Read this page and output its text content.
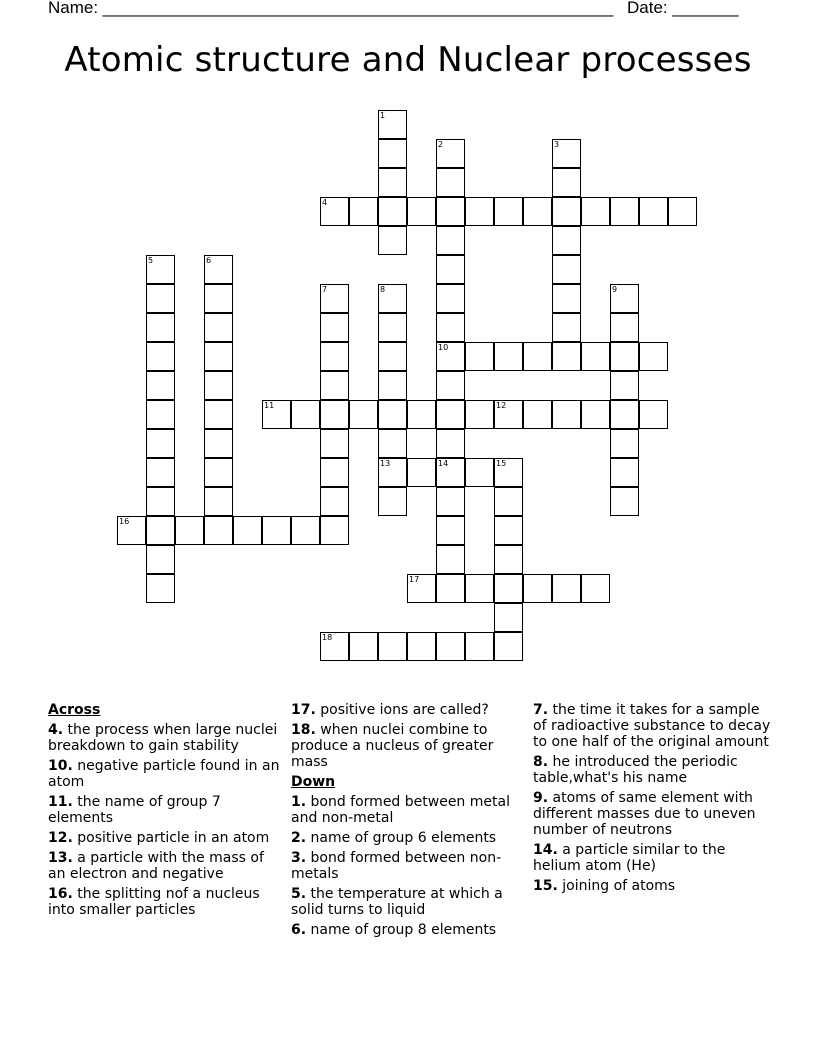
Name: ______________________________________________________ Date: _______
Atomic structure and Nuclear processes
1
2
10
14
3
4
5	6
7	8
13
9
11	12
15
16
17
18
Across
4. the process when large nuclei breakdown to gain stability
10. negative particle found in an atom
11. the name of group 7 elements
12. positive particle in an atom
13. a particle with the mass of an electron and negative
16. the splitting nof a nucleus into smaller particles
17. positive ions are called?
18. when nuclei combine to produce a nucleus of greater mass
Down
1. bond formed between metal and non-metal
2. name of group 6 elements
3. bond formed between non-metals
5. the temperature at which a solid turns to liquid
6. name of group 8 elements
7. the time it takes for a sample of radioactive substance to decay to one half of the original amount
8. he introduced the periodic table,what's his name
9. atoms of same element with different masses due to uneven number of neutrons
14. a particle similar to the helium atom (He)
15. joining of atoms
